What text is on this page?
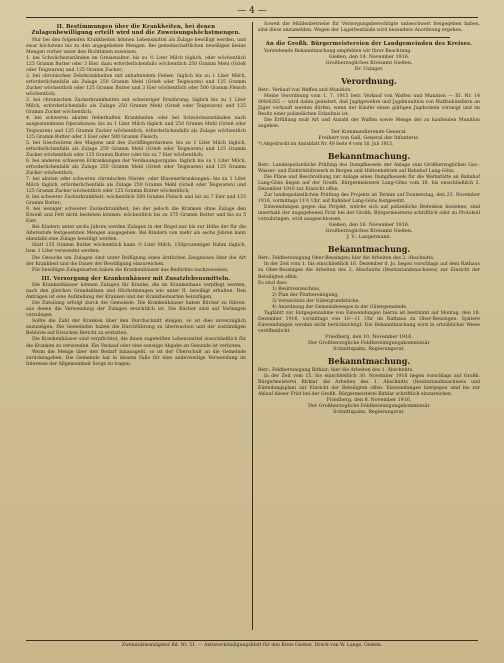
— 4 —
II. Bestimmungen über die Krankheiten, bei denen Zulagenbewilligung erteilt wird und die Zuweisungshöchstmengen.

Nur bei den folgenden Krankheiten können Lebensmittel als Zulage bewilligt werden, und zwar höchstens bis zu den angegebenen Mengen. Bei gemeinschaftlichen bewilligen kleine Mengen vorher unter den Richtlinien zuweisen.

1. bei Schwächezuständen im Greisenalter: bis zu ½ Liter Milch täglich, oder wöchentlich 125 Gramm Butter oder 3 Eier, dazu erforderlichenfalls wöchentlich 250 Gramm Mehl (Grieß oder Teigwaren) und 125 Gramm Zucker;

2. bei chronischen Zehrkrankheiten mit anhaltendem Fieber: täglich bis zu 1 Liter Milch, erforderlichenfalls als Zulage 250 Gramm Mehl (Grieß oder Teigwaren) und 125 Gramm Zucker wöchentlich oder 125 Gramm Butter und 3 Eier wöchentlich oder 500 Gramm Fleisch wöchentlich;

3. bei chronischen Zuckerkrankheiten mit schwieriger Ernährung: täglich bis zu 1 Liter Milch, erforderlichenfalls als Zulage 250 Gramm Mehl (Grieß oder Teigwaren) und 125 Gramm Zucker wöchentlich;

4. bei schweren akuten fieberhaften Krankheiten oder bei Schwächezuständen nach ausgestandenen Operationen: bis zu 1 Liter Milch täglich und 250 Gramm Mehl (Grieß oder Teigwaren) und 125 Gramm Zucker wöchentlich, erforderlichenfalls als Zulage wöchentlich 125 Gramm Butter oder 3 Eier oder 500 Gramm Fleisch;

5. bei Geschwüren des Magens und des Zwölffingerdarmes: bis zu 1 Liter Milch täglich, erforderlichenfalls als Zulage 250 Gramm Mehl (Grieß oder Teigwaren) und 125 Gramm Zucker wöchentlich oder 125 Gramm Butter oder bis zu 7 Eier wöchentlich;

6. bei anderen schweren Erkrankungen der Verdauungsorgane: täglich bis zu 1 Liter Milch, erforderlichenfalls als Zulage 250 Gramm Mehl (Grieß oder Teigwaren) und 125 Gramm Zucker wöchentlich;

7. bei akuten oder schweren chronischen Nieren- oder Blasenerkrankungen: bis zu 1 Liter Milch täglich, erforderlichenfalls als Zulage 250 Gramm Mehl (Grieß oder Teigwaren) und 125 Gramm Zucker wöchentlich oder 125 Gramm Butter wöchentlich;

8. bei schwerer Zuckerkrankheit: wöchentlich 500 Gramm Fleisch und bis zu 7 Eier und 125 Gramm Butter;

9. bei weniger schwerer Zuckerkrankheit, bei der jedoch die Kranken ohne Zulage den Eiweiß und Fett nicht bestehen können: wöchentlich bis zu 375 Gramm Butter und bis zu 5 Eier.

Bei Kindern unter sechs Jahren werden Zulagen in der Regel nur bis zur Höhe der für die Altersstufe festgesetzten Mengen ausgegeben. Bei Kindern von mehr als sechs Jahren kann ebenfalls eine Zulage bewilligt werden.

Statt 125 Gramm Butter wöchentlich kann ½ Liter Milch, 150prozentiger Rahm täglich, bzw. 1 Liter verwendet werden.

Die Gesuche um Zulagen sind unter Beifügung eines ärztlichen Zeugnisses über die Art der Krankheit und die Dauer der Bewilligung einzureichen.

Für bewilligte Zulagebarten haben die Krankenhäuser das Bedürfnis nachzuweisen.

III. Versorgung der Krankenhäuser mit Zusatzlebensmitteln.

Die Krankenhäuser können Zulagen für Kranke, die im Krankenhaus verpflegt werden, nach den gleichen Grundsätzen und Höchstmengen wie unter II. bewilligt erhalten. Den Anträgen ist eine Aufstellung der Kranken und der Krankheitsarten beizufügen.

Die Zuteilung erfolgt durch die Gemeinde. Die Krankenhäuser haben Bücher zu führen, aus denen die Verwendung der Zulagen ersichtlich ist. Die Bücher sind auf Verlangen vorzulegen.

Sollte die Zahl der Kranken über den Durchschnitt steigen, so ist dies unverzüglich anzuzeigen. Die Gemeinden haben die Durchführung zu überwachen und der zuständigen Behörde auf Ersuchen Bericht zu erstatten.

Die Krankenhäuser sind verpflichtet, die ihnen zugeteilten Lebensmittel ausschließlich für die Kranken zu verwenden. Ein Verkauf oder eine sonstige Abgabe an Gesunde ist verboten.

Wenn die Menge über den Bedarf hinausgeht, so ist der Überschuß an die Gemeinde zurückzugeben. Die Gemeinde hat in diesem Falle für eine anderweitige Verwendung im Interesse der Allgemeinheit Sorge zu tragen.

Soweit die Mühlenbetriebe für Versorgungsberechtigte unbeschwert freigegeben haben, sind diese anzumelden. Wegen der Lagerbestände wird besondere Anordnung ergehen.

An die Großh. Bürgermeistereien der Landgemeinden des Kreises.

Vorstehende Bekanntmachung empfehlen wir Ihrer Beachtung.

Gießen, den 14. November 1916.
Großherzogliches Kreisamt Gießen.
Dr. Usinger.
Verordnung.

Betr.: Verkauf von Waffen und Munition.

Meine Verordnung vom 1. 7. 1915 betr. Verkauf von Waffen und Munition — III. Nr. 14 008/6285 — wird dahin geändert, daß Jagdgewehre und Jagdmunition von Waffenhändlern an Jäger verkauft werden dürfen, wenn der Käufer einen gültigen Jagdschein vorzeigt und im Besitz einer polizeilichen Erlaubnis ist.

Die Erfüllung muß Art und Anzahl der Waffen sowie Menge der zu kaufenden Munition angeben.

Der Kommandierende General.
Freiherr von Gall, General der Infanterie.

*) Abgedruckt im Amtsblatt Nr. 49 Seite 4 vom 16. Juli 1915.

Bekanntmachung.

Betr.: Landespolizeiliche Prüfung des Dampfkessels der Anlage zum Großherzoglichen Gas-, Wasser- und Elektrizitätswerk in Bergen und Hüttenbetrieb auf Bahnhof Lang-Göns.

Die Pläne und Beschreibung zur Anlage eines Dampfkessels für die Werkstätte an Bahnhof Lang-Göns liegen auf der Großh. Bürgermeisterei Lang-Göns vom 16. bis einschließlich 2. Dezember 1916 zur Einsicht offen.

Zur landespolizeilichen Prüfung des Projekts ist Termin auf Donnerstag, den 23. November 1916, vormittags 11½ Uhr, auf Bahnhof Lang-Göns festgesetzt.

Einwendungen gegen das Projekt, welche sich auf polizeiliche Bedenken beziehen, sind innerhalb der angegebenen Frist bei der Großh. Bürgermeisterei schriftlich oder zu Protokoll vorzubringen, wird ausgeschlossen.

Gießen, den 16. November 1916.
Großherzogliches Kreisamt Gießen.
J. V.: Langermann.
Bekanntmachung.

Betr.: Feldbereinigung Ober-Bessingen; hier die Arbeiten des 2. Abschnitts.

In der Zeit vom 1. bis einschließlich 16. Dezember d. Js. liegen vorschlags auf dem Rathaus zu Ober-Bessingen die Arbeiten des 2. Abschnitts (Besitzstandsnachweis) zur Einsicht der Beteiligten offen.

Es sind dies:

1) Besitzverzeichnis,

2) Plan der Flurbereinigung,

3) Verzeichnis der Gütergrundstücke,

4) Anordnung der Gemeindeweges in der Gütergemeinde.

Tagfahrt zur Entgegennahme von Einwendungen hierzu ist bestimmt auf Montag, den 18. Dezember 1916, vormittags von 10—11 Uhr im Rathaus zu Ober-Bessingen. Spätere Einwendungen werden nicht berücksichtigt. Die Bekanntmachung wird in ortsüblicher Weise veröffentlicht.

Friedberg, den 10. November 1916.
Der Großherzogliche Feldbereinigungskommissär
Schnittspahn, Regierungsrat.
Bekanntmachung.

Betr.: Feldbereinigung Birklar; hier die Arbeiten des 1. Abschnitts.

In der Zeit vom 15. bis einschließlich 30. November 1916 liegen vorschlags auf Großh. Bürgermeisterei Birklar die Arbeiten des 1. Abschnitts (Besitzstandsnachweis und Einteilungsplan) zur Einsicht der Beteiligten offen. Einwendungen hiergegen sind bis zur Ablauf dieser Frist bei der Großh. Bürgermeisterei Birklar schriftlich einzureichen.

Friedberg, den 8. November 1916.
Der Großherzogliche Feldbereinigungskommissär
Schnittspahn, Regierungsrat.
Zweiundzwanzigster Bd. Nr. 51. — Amtsverkündigungsblatt für den Kreis Gießen. Druck von W. Lange, Gießen.
